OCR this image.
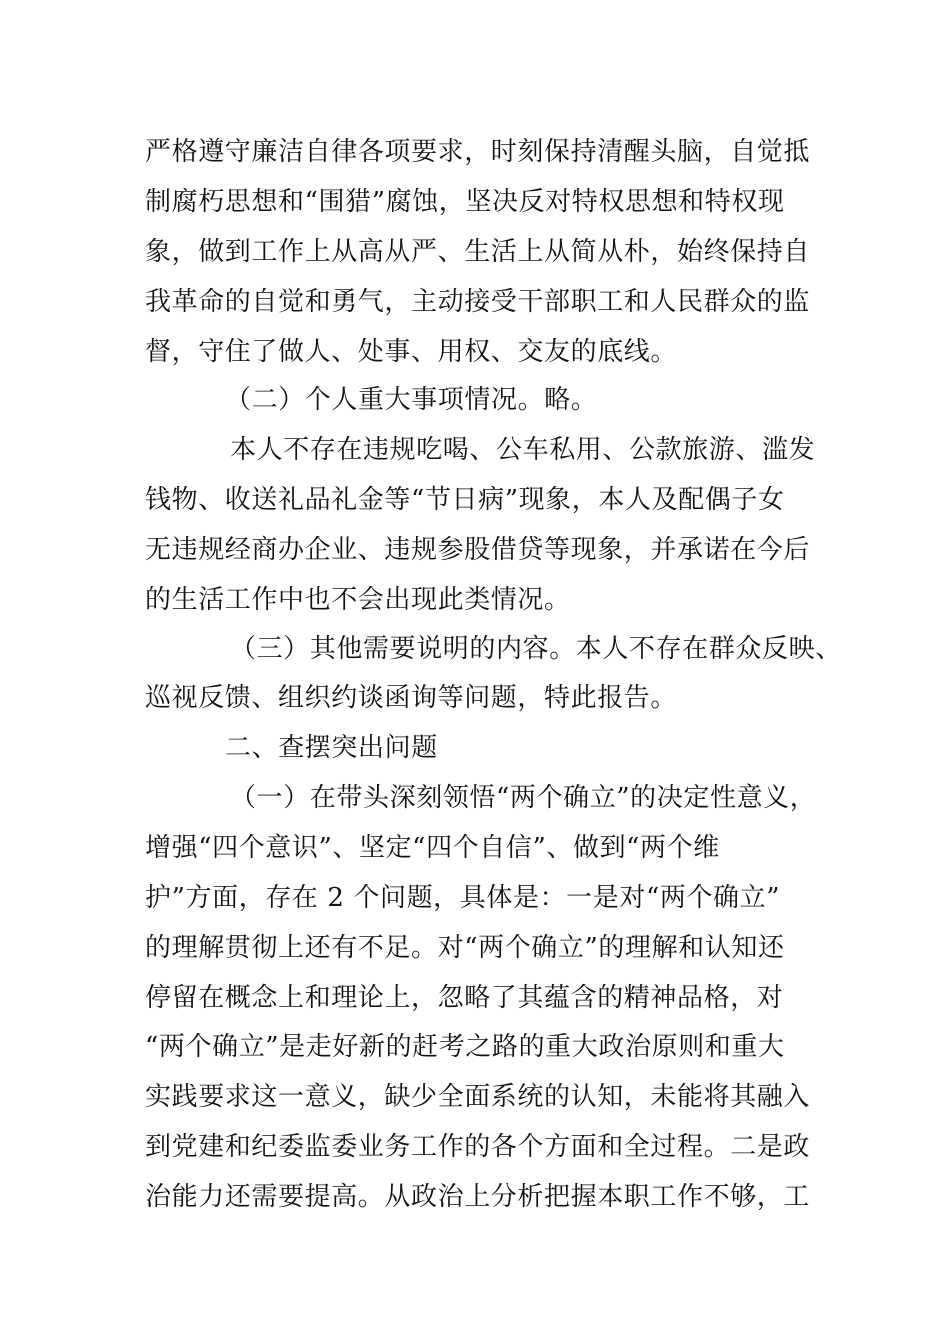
严格遵守廉洁自律各项要求，时刻保持清醒头脑，自觉抵
制腐朽思想和“围猎”腐蚀，坚决反对特权思想和特权现
象，做到工作上从高从严、生活上从简从朴，始终保持自
我革命的自觉和勇气，主动接受干部职工和人民群众的监
督，守住了做人、处事、用权、交友的底线。
（二）个人重大事项情况。略。
本人不存在违规吃喝、公车私用、公款旅游、滥发
钱物、收送礼品礼金等“节日病”现象，本人及配偶子女
无违规经商办企业、违规参股借贷等现象，并承诺在今后
的生活工作中也不会出现此类情况。
（三）其他需要说明的内容。本人不存在群众反映、
巡视反馈、组织约谈函询等问题，特此报告。
二、查摆突出问题
（一）在带头深刻领悟“两个确立”的决定性意义，
增强“四个意识”、坚定“四个自信”、做到“两个维
护”方面，存在 2 个问题，具体是：一是对“两个确立”
的理解贯彻上还有不足。对“两个确立”的理解和认知还
停留在概念上和理论上，忽略了其蕴含的精神品格，对
“两个确立”是走好新的赶考之路的重大政治原则和重大
实践要求这一意义，缺少全面系统的认知，未能将其融入
到党建和纪委监委业务工作的各个方面和全过程。二是政
治能力还需要提高。从政治上分析把握本职工作不够，工
